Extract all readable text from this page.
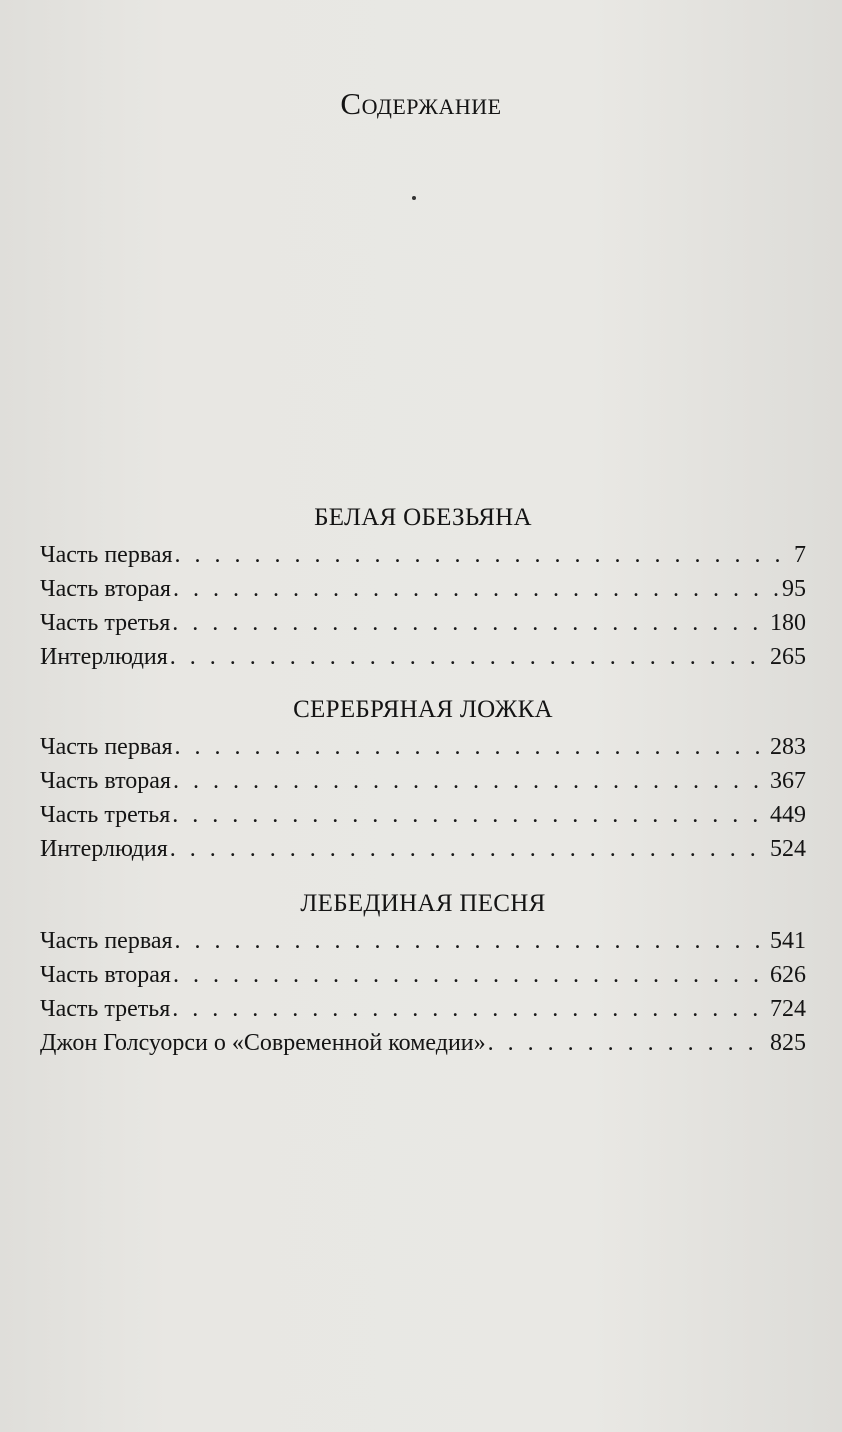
Содержание
БЕЛАЯ ОБЕЗЬЯНА
Часть первая . . .	7
Часть вторая . . .	95
Часть третья . . .	180
Интерлюдия . . .	265
СЕРЕБРЯНАЯ ЛОЖКА
Часть первая . . .	283
Часть вторая . . .	367
Часть третья . . .	449
Интерлюдия . . .	524
ЛЕБЕДИНАЯ ПЕСНЯ
Часть первая . . .	541
Часть вторая . . .	626
Часть третья . . .	724
Джон Голсуорси о «Современной комедии» . . .	825
